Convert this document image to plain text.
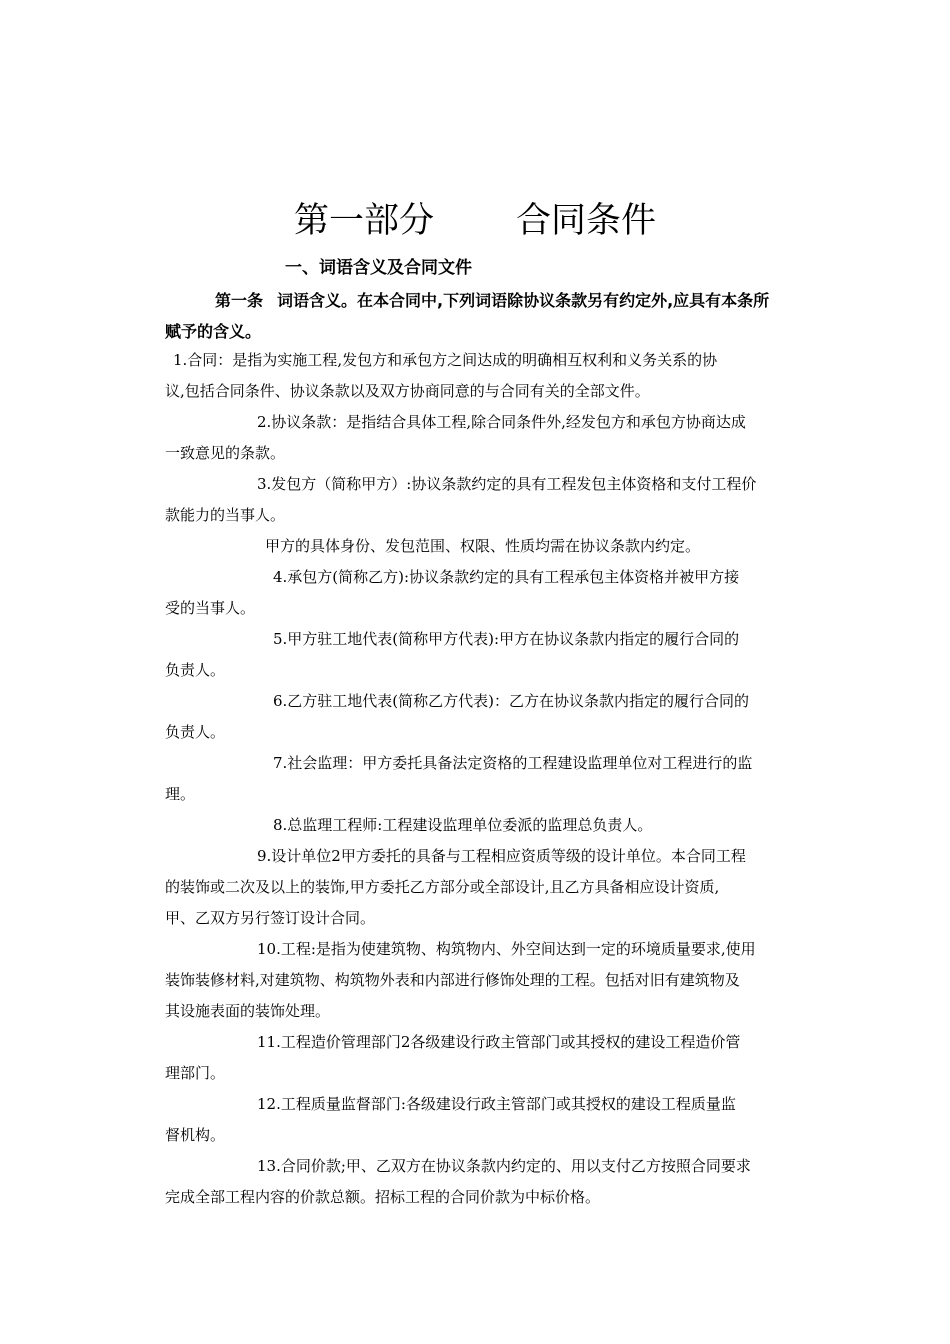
第一部分 合同条件
一、词语含义及合同文件
第一条 词语含义。在本合同中,下列词语除协议条款另有约定外,应具有本条所
赋予的含义。
1.合同：是指为实施工程,发包方和承包方之间达成的明确相互权利和义务关系的协
议,包括合同条件、协议条款以及双方协商同意的与合同有关的全部文件。
2.协议条款：是指结合具体工程,除合同条件外,经发包方和承包方协商达成
一致意见的条款。
3.发包方（简称甲方）:协议条款约定的具有工程发包主体资格和支付工程价
款能力的当事人。
甲方的具体身份、发包范围、权限、性质均需在协议条款内约定。
4.承包方(简称乙方):协议条款约定的具有工程承包主体资格并被甲方接
受的当事人。
5.甲方驻工地代表(简称甲方代表):甲方在协议条款内指定的履行合同的
负责人。
6.乙方驻工地代表(简称乙方代表)：乙方在协议条款内指定的履行合同的
负责人。
7.社会监理：甲方委托具备法定资格的工程建设监理单位对工程进行的监
理。
8.总监理工程师:工程建设监理单位委派的监理总负责人。
9.设计单位2甲方委托的具备与工程相应资质等级的设计单位。本合同工程
的装饰或二次及以上的装饰,甲方委托乙方部分或全部设计,且乙方具备相应设计资质,
甲、乙双方另行签订设计合同。
10.工程:是指为使建筑物、构筑物内、外空间达到一定的环境质量要求,使用
装饰装修材料,对建筑物、构筑物外表和内部进行修饰处理的工程。包括对旧有建筑物及
其设施表面的装饰处理。
11.工程造价管理部门2各级建设行政主管部门或其授权的建设工程造价管
理部门。
12.工程质量监督部门:各级建设行政主管部门或其授权的建设工程质量监
督机构。
13.合同价款;甲、乙双方在协议条款内约定的、用以支付乙方按照合同要求
完成全部工程内容的价款总额。招标工程的合同价款为中标价格。
